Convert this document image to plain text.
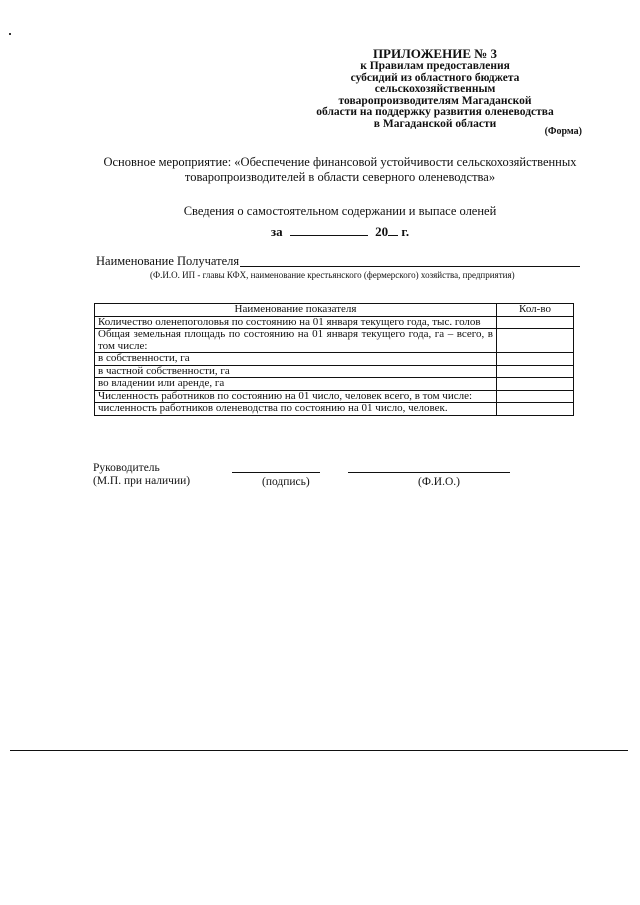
ПРИЛОЖЕНИЕ № 3
к Правилам предоставления
субсидий из областного бюджета
сельскохозяйственным
товаропроизводителям Магаданской
области на поддержку развития оленеводства
в Магаданской области
(Форма)
Основное мероприятие: «Обеспечение финансовой устойчивости сельскохозяйственных
товаропроизводителей в области северного оленеводства»
Сведения о самостоятельном содержании и выпасе оленей
за	20 г.
Наименование Получателя
(Ф.И.О. ИП - главы КФХ, наименование крестьянского (фермерского) хозяйства, предприятия)
Наименование показателя	Кол-во
Количество оленепоголовья по состоянию на 01 января текущего года, тыс. голов	
Общая земельная площадь по состоянию на 01 января текущего года, га – всего, в том числе:	
в собственности, га	
в частной собственности, га	
во владении или аренде, га	
Численность работников по состоянию на 01 число, человек всего, в том числе:	
численность работников оленеводства по состоянию на 01 число, человек.	
Руководитель
(М.П. при наличии)	(подпись)	(Ф.И.О.)
